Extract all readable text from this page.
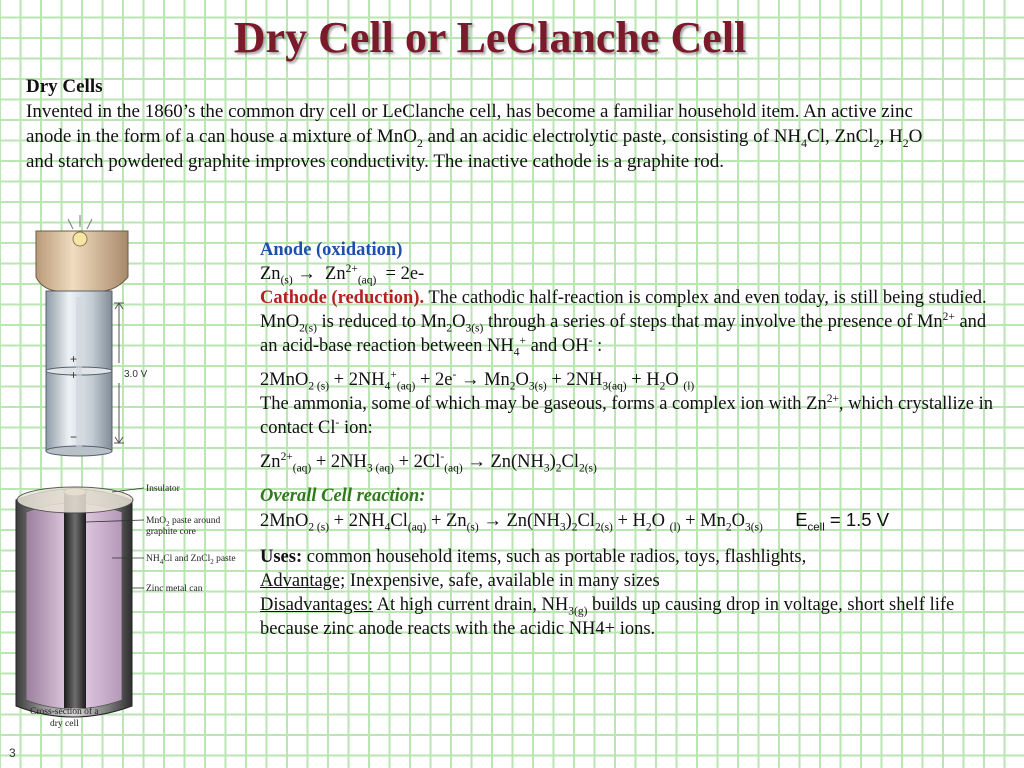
Dry Cell or LeClanche Cell
Dry Cells
Invented in the 1860’s the common dry cell or LeClanche cell, has become a familiar household item. An active zinc anode in the form of a can house a mixture of MnO$_2$ and an acidic electrolytic paste, consisting of $NH_4Cl$, ZnCl$_2$, $H_2O$ and starch powdered graphite improves conductivity. The inactive cathode is a graphite rod.
+
+
−
3.0 V
Insulator
MnO$_2$ paste around
graphite core
$NH_4Cl$ and ZnCl$_2$ paste
Zinc metal can
Cross-section of a
dry cell

Anode (oxidation)

$Zn_{(s)} \to Zn^{2+}_{(aq)} = 2e-$

Cathode (reduction). The cathodic half-reaction is complex and even today, is still being studied. MnO$_{2(s)}$ is reduced to $Mn_2O_{3(s)}$ through a series of steps that may involve the presence of $Mn^{2+}$ and an acid-base reaction between $NH_4^+$ and OH- :

$2MnO_{2 (s)} + 2NH_4^+_{(aq)} + 2e^- \to Mn_2O_{3(s)} + 2NH_{3(aq)} + H_2O$ $_{(l)}$

The ammonia, some of which may be gaseous, forms a complex ion with $Zn^{2+}$, which crystallize in contact Cl- ion:

$Zn^{2+}_{(aq)} + 2NH_{3 (aq)} + 2Cl^-_{(aq)} \to Zn(NH_3)_2Cl_{2(s)}$

Overall Cell reaction:

$2MnO_{2 (s)} + 2NH_4Cl_{(aq)} + Zn_{(s)} \to Zn(NH_3)_2Cl_{2(s)} + H_2O$ $_{(l)} + Mn_2O_{3(s)}$ $E_{cell} = 1.5$ V

Uses: common household items, such as portable radios, toys, flashlights,

Advantage; Inexpensive, safe, available in many sizes

Disadvantages: At high current drain, $NH_{3(g)}$ builds up causing drop in voltage, short shelf life because zinc anode reacts with the acidic NH4+ ions.

3
